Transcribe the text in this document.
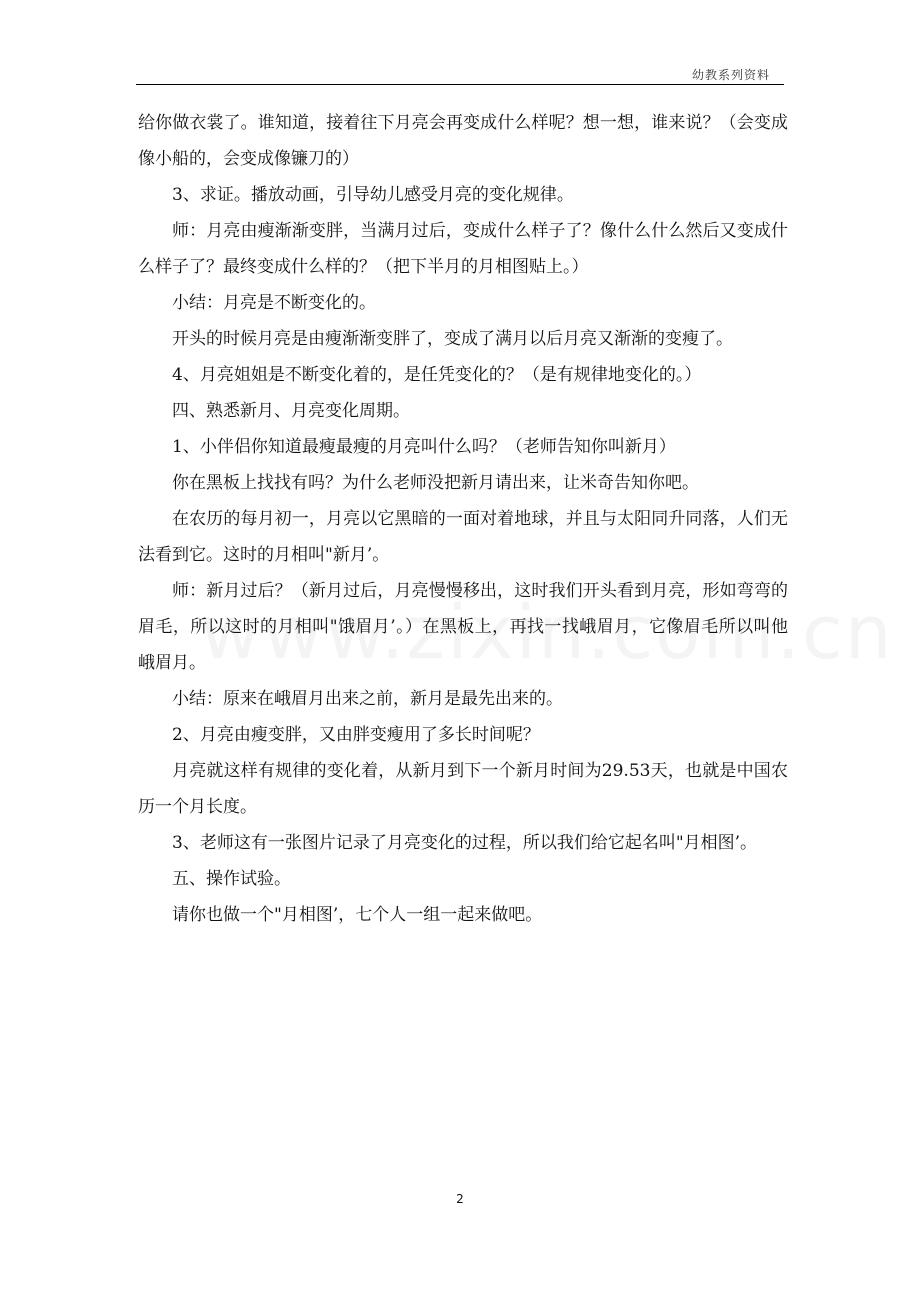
幼教系列资料

给你做衣裳了。谁知道，接着往下月亮会再变成什么样呢？想一想，谁来说？（会变成像小船的，会变成像镰刀的）

3、求证。播放动画，引导幼儿感受月亮的变化规律。

师：月亮由瘦渐渐变胖，当满月过后，变成什么样子了？像什么什么然后又变成什么样子了？最终变成什么样的？（把下半月的月相图贴上。）

小结：月亮是不断变化的。

开头的时候月亮是由瘦渐渐变胖了，变成了满月以后月亮又渐渐的变瘦了。

4、月亮姐姐是不断变化着的，是任凭变化的？（是有规律地变化的。）

四、熟悉新月、月亮变化周期。

1、小伴侣你知道最瘦最瘦的月亮叫什么吗？（老师告知你叫新月）

你在黑板上找找有吗？为什么老师没把新月请出来，让米奇告知你吧。

在农历的每月初一，月亮以它黑暗的一面对着地球，并且与太阳同升同落，人们无法看到它。这时的月相叫"新月’。

师：新月过后？（新月过后，月亮慢慢移出，这时我们开头看到月亮，形如弯弯的眉毛，所以这时的月相叫"饿眉月’。）在黑板上，再找一找峨眉月，它像眉毛所以叫他峨眉月。

小结：原来在峨眉月出来之前，新月是最先出来的。

2、月亮由瘦变胖，又由胖变瘦用了多长时间呢？

月亮就这样有规律的变化着，从新月到下一个新月时间为29.53天，也就是中国农历一个月长度。

3、老师这有一张图片记录了月亮变化的过程，所以我们给它起名叫"月相图’。

五、操作试验。

请你也做一个"月相图’，七个人一组一起来做吧。

2
